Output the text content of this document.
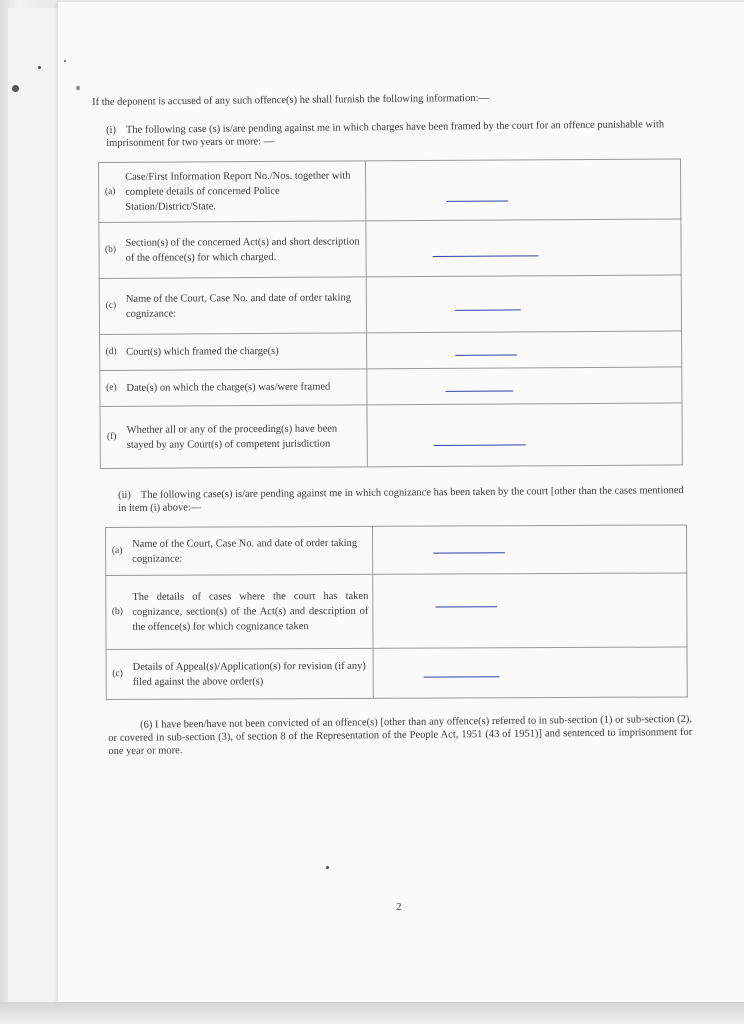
If the deponent is accused of any such offence(s) he shall furnish the following information:—
(i) The following case (s) is/are pending against me in which charges have been framed by the court for an offence punishable with imprisonment for two years or more: —
(a)	Case/First Information Report No./Nos. together with complete details of concerned Police Station/District/State.	

(b)	Section(s) of the concerned Act(s) and short description of the offence(s) for which charged.	

(c)	Name of the Court, Case No. and date of order taking cognizance:	

(d)	Court(s) which framed the charge(s)	

(e)	Date(s) on which the charge(s) was/were framed	

(f)	Whether all or any of the proceeding(s) have been stayed by any Court(s) of competent jurisdiction	
(ii) The following case(s) is/are pending against me in which cognizance has been taken by the court [other than the cases mentioned in item (i) above:—
(a)	Name of the Court, Case No. and date of order taking cognizance:	

(b)	The details of cases where the court has taken cognizance, section(s) of the Act(s) and description of the offence(s) for which cognizance taken	

(c)	Details of Appeal(s)/Application(s) for revision (if any) filed against the above order(s)	
(6) I have been/have not been convicted of an offence(s) [other than any offence(s) referred to in sub-section (1) or sub-section (2), or covered in sub-section (3), of section 8 of the Representation of the People Act, 1951 (43 of 1951)] and sentenced to imprisonment for one year or more.
2
